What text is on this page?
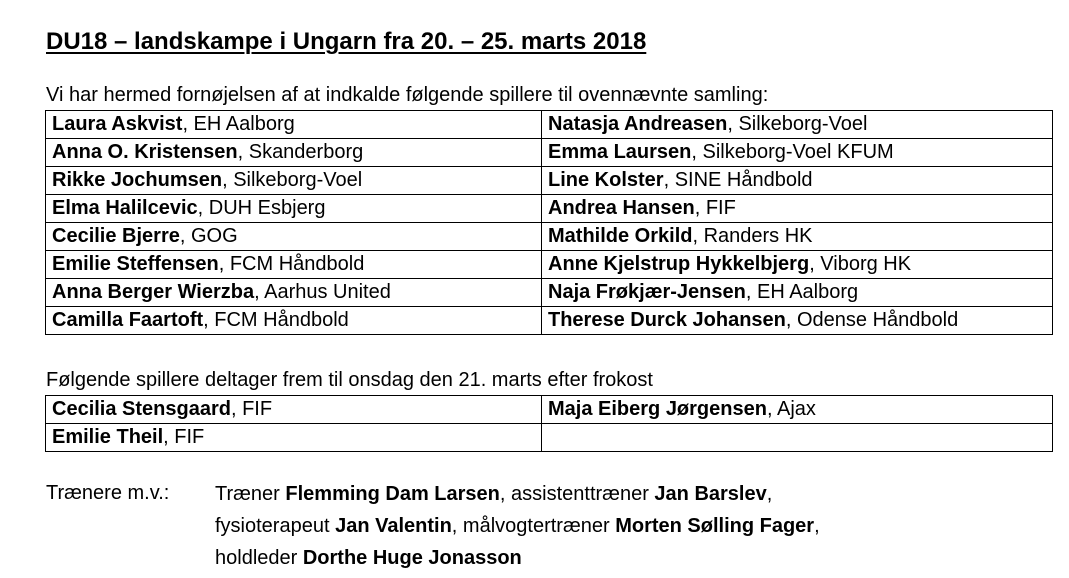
DU18 – landskampe i Ungarn fra 20. – 25. marts 2018
Vi har hermed fornøjelsen af at indkalde følgende spillere til ovennævnte samling:
Laura Askvist, EH Aalborg	Natasja Andreasen, Silkeborg-Voel
Anna O. Kristensen, Skanderborg	Emma Laursen, Silkeborg-Voel KFUM
Rikke Jochumsen, Silkeborg-Voel	Line Kolster, SINE Håndbold
Elma Halilcevic, DUH Esbjerg	Andrea Hansen, FIF
Cecilie Bjerre, GOG	Mathilde Orkild, Randers HK
Emilie Steffensen, FCM Håndbold	Anne Kjelstrup Hykkelbjerg, Viborg HK
Anna Berger Wierzba, Aarhus United	Naja Frøkjær-Jensen, EH Aalborg
Camilla Faartoft, FCM Håndbold	Therese Durck Johansen, Odense Håndbold
Følgende spillere deltager frem til onsdag den 21. marts efter frokost
Cecilia Stensgaard, FIF	Maja Eiberg Jørgensen, Ajax
Emilie Theil, FIF	
Trænere m.v.: Træner Flemming Dam Larsen, assistenttræner Jan Barslev,
fysioterapeut Jan Valentin, målvogtertræner Morten Sølling Fager,
holdleder Dorthe Huge Jonasson
